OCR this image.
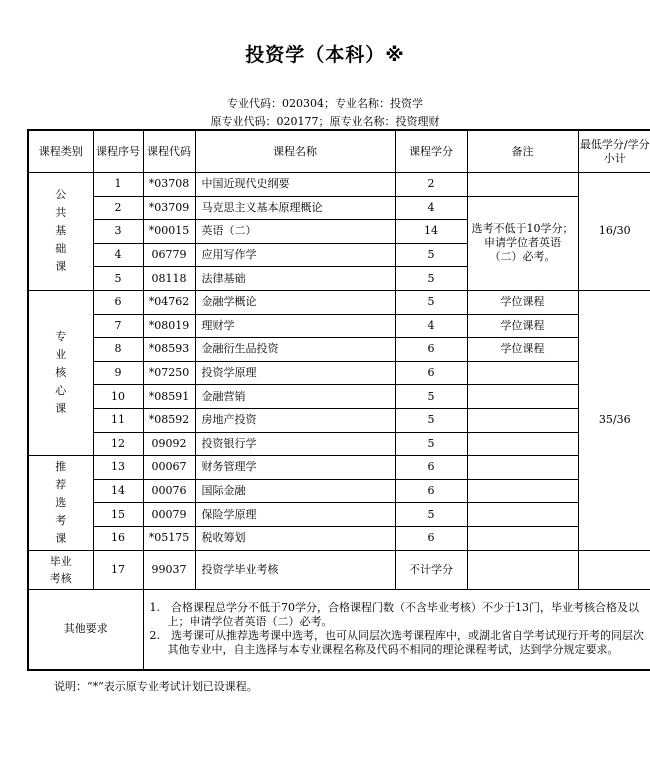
投资学（本科）※
专业代码：020304；专业名称：投资学
原专业代码：020177；原专业名称：投资理财
课程类别	课程序号	课程代码	课程名称	课程学分	备注	最低学分/学分小计

公共基础课	1	*03708	中国近现代史纲要	2		16/30
	2	*03709	马克思主义基本原理概论	4	选考不低于10学分；申请学位者英语（二）必考。	
	3	*00015	英语（二）	14		
	4	06779	应用写作学	5		
	5	08118	法律基础	5		

专业核心课	6	*04762	金融学概论	5	学位课程	35/36
	7	*08019	理财学	4	学位课程	
	8	*08593	金融衍生品投资	6	学位课程	
	9	*07250	投资学原理	6		
	10	*08591	金融营销	5		
	11	*08592	房地产投资	5		
	12	09092	投资银行学	5		

推荐选考课	13	00067	财务管理学	6		
	14	00076	国际金融	6		
	15	00079	保险学原理	5		
	16	*05175	税收筹划	6		

毕业考核	17	99037	投资学毕业考核	不计学分		
其他要求		1.　合格课程总学分不低于70学分，合格课程门数（不含毕业考核）不少于13门，毕业考核合格及以上；申请学位者英语（二）必考。

2.　选考课可从推荐选考课中选考，也可从同层次选考课程库中，或湖北省自学考试现行开考的同层次其他专业中，自主选择与本专业课程名称及代码不相同的理论课程考试，达到学分规定要求。				

说明：“*”表示原专业考试计划已设课程。
